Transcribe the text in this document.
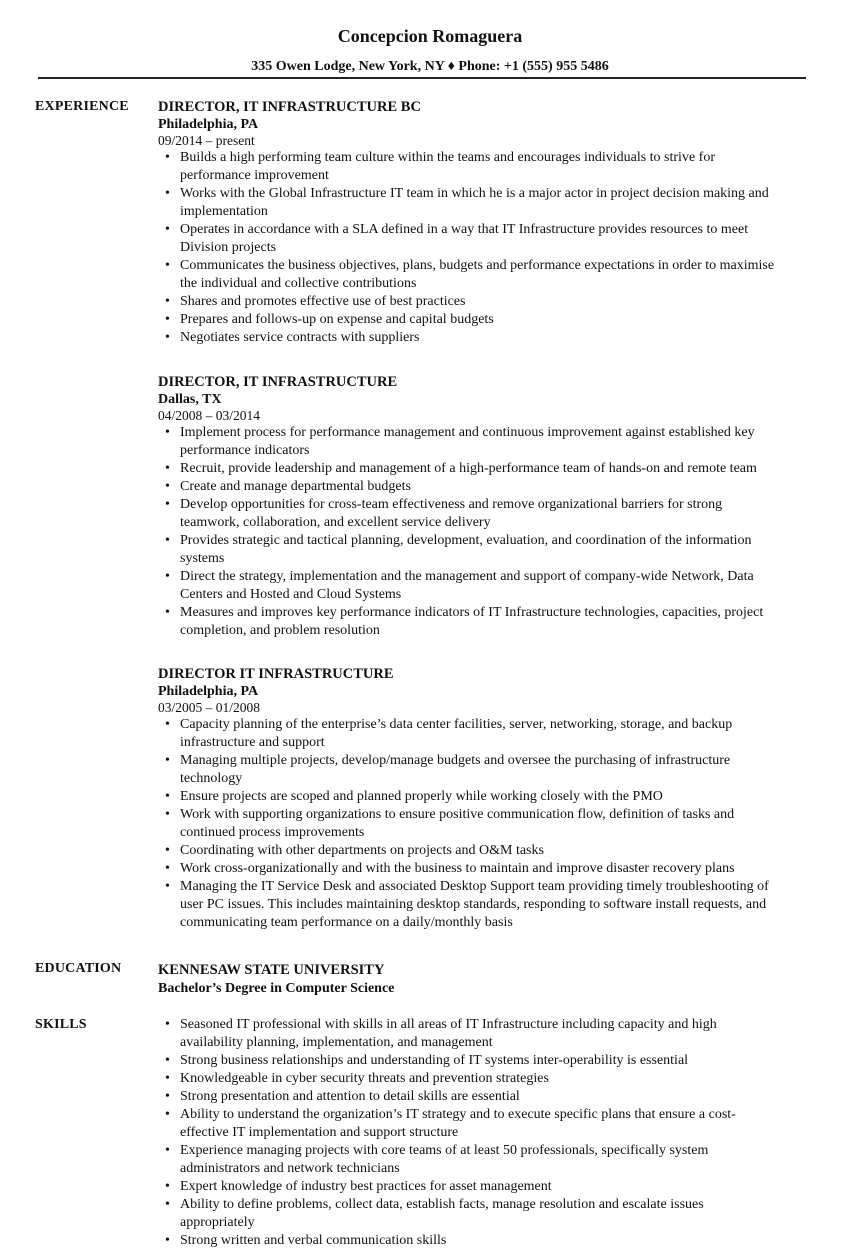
Concepcion Romaguera
335 Owen Lodge, New York, NY ♦ Phone: +1 (555) 955 5486
EXPERIENCE DIRECTOR, IT INFRASTRUCTURE BC
Philadelphia, PA
09/2014 – present
• Builds a high performing team culture within the teams and encourages individuals to strive for
performance improvement
• Works with the Global Infrastructure IT team in which he is a major actor in project decision making and
implementation
• Operates in accordance with a SLA defined in a way that IT Infrastructure provides resources to meet
Division projects
• Communicates the business objectives, plans, budgets and performance expectations in order to maximise
the individual and collective contributions
• Shares and promotes effective use of best practices
• Prepares and follows-up on expense and capital budgets
• Negotiates service contracts with suppliers
DIRECTOR, IT INFRASTRUCTURE
Dallas, TX
04/2008 – 03/2014
• Implement process for performance management and continuous improvement against established key
performance indicators
• Recruit, provide leadership and management of a high-performance team of hands-on and remote team
• Create and manage departmental budgets
• Develop opportunities for cross-team effectiveness and remove organizational barriers for strong
teamwork, collaboration, and excellent service delivery
• Provides strategic and tactical planning, development, evaluation, and coordination of the information
systems
• Direct the strategy, implementation and the management and support of company-wide Network, Data
Centers and Hosted and Cloud Systems
• Measures and improves key performance indicators of IT Infrastructure technologies, capacities, project
completion, and problem resolution
DIRECTOR IT INFRASTRUCTURE
Philadelphia, PA
03/2005 – 01/2008
• Capacity planning of the enterprise’s data center facilities, server, networking, storage, and backup
infrastructure and support
• Managing multiple projects, develop/manage budgets and oversee the purchasing of infrastructure
technology
• Ensure projects are scoped and planned properly while working closely with the PMO
• Work with supporting organizations to ensure positive communication flow, definition of tasks and
continued process improvements
• Coordinating with other departments on projects and O&M tasks
• Work cross-organizationally and with the business to maintain and improve disaster recovery plans
• Managing the IT Service Desk and associated Desktop Support team providing timely troubleshooting of
user PC issues. This includes maintaining desktop standards, responding to software install requests, and
communicating team performance on a daily/monthly basis
EDUCATION	KENNESAW STATE UNIVERSITY
Bachelor’s Degree in Computer Science
SKILLS
•	Seasoned IT professional with skills in all areas of IT Infrastructure including capacity and high
availability planning, implementation, and management
• Strong business relationships and understanding of IT systems inter-operability is essential
• Knowledgeable in cyber security threats and prevention strategies
• Strong presentation and attention to detail skills are essential
• Ability to understand the organization’s IT strategy and to execute specific plans that ensure a cost-
effective IT implementation and support structure
• Experience managing projects with core teams of at least 50 professionals, specifically system
administrators and network technicians
• Expert knowledge of industry best practices for asset management
• Ability to define problems, collect data, establish facts, manage resolution and escalate issues
appropriately
• Strong written and verbal communication skills
